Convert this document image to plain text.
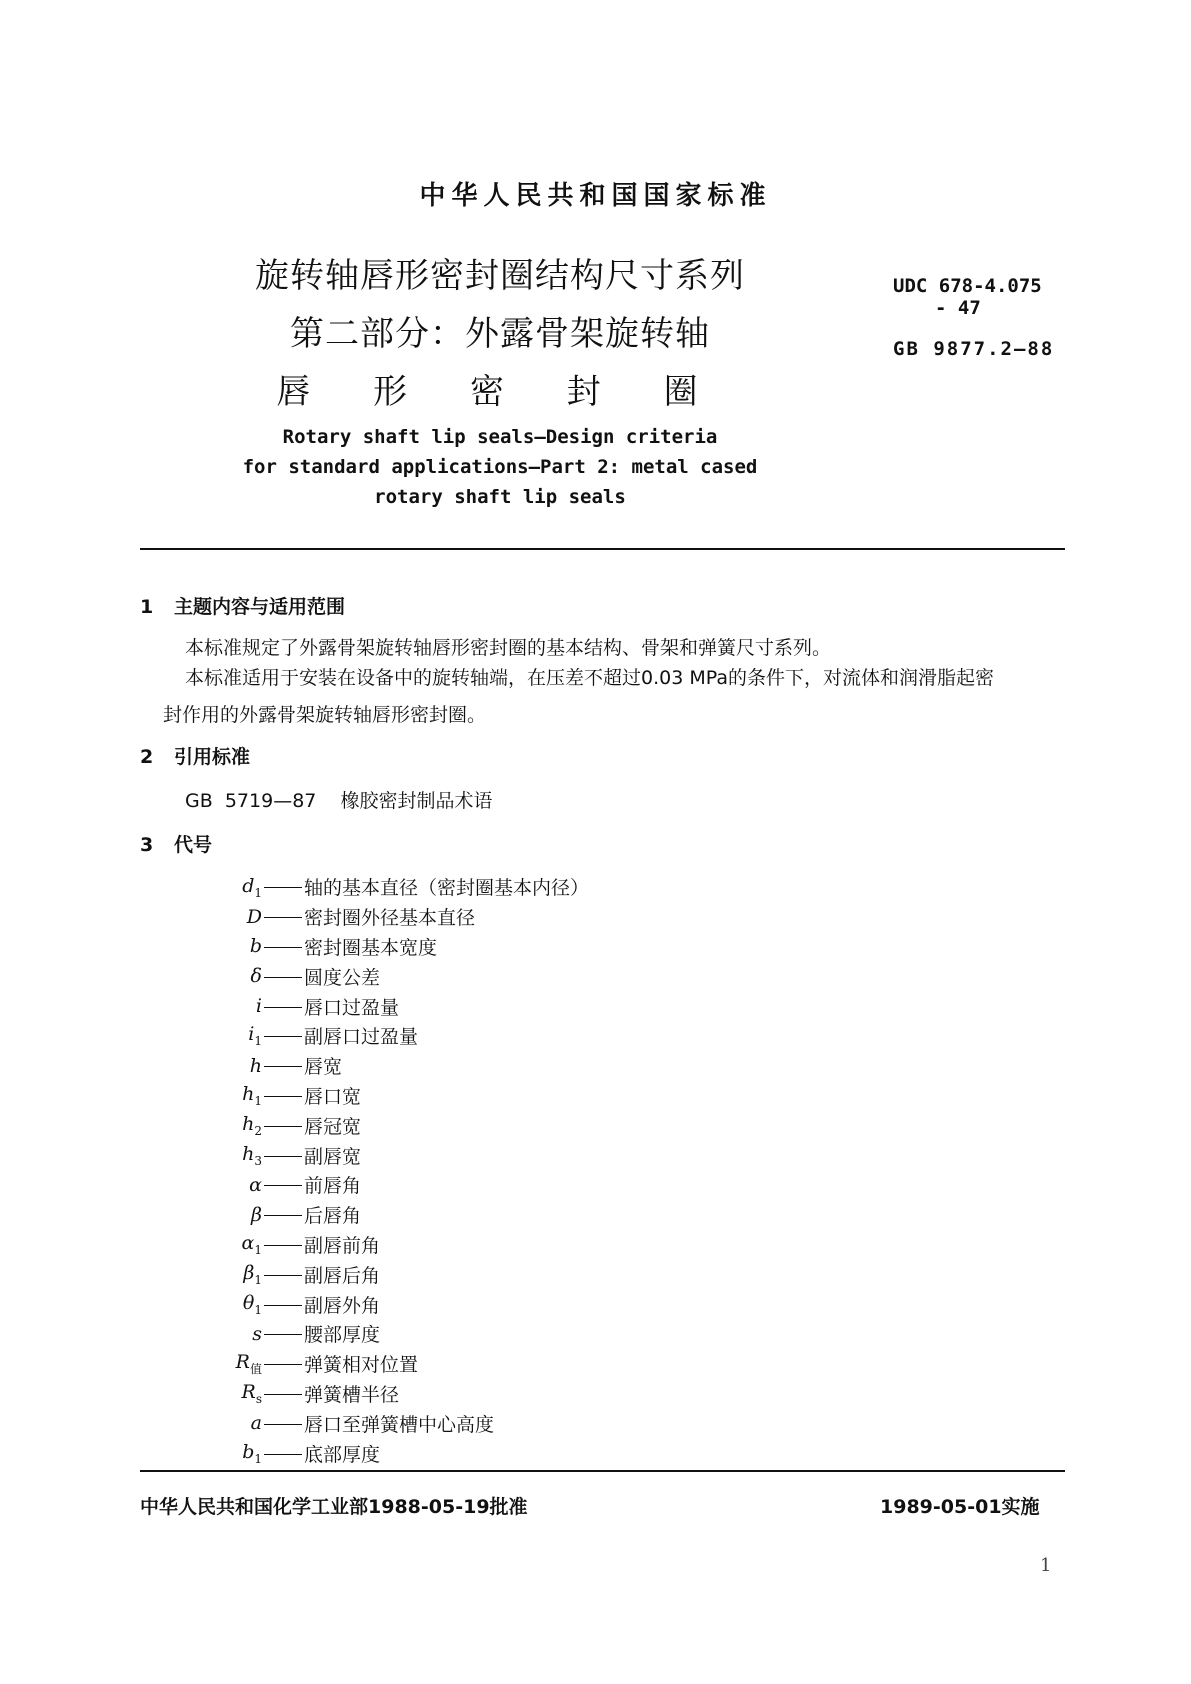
中华人民共和国国家标准
旋转轴唇形密封圈结构尺寸系列
第二部分：外露骨架旋转轴
唇 形 密 封 圈
UDC 678-4.075
- 47
GB 9877.2—88
Rotary shaft lip seals—Design criteria
for standard applications—Part 2: metal cased
rotary shaft lip seals
1 主题内容与适用范围
本标准规定了外露骨架旋转轴唇形密封圈的基本结构、骨架和弹簧尺寸系列。
本标准适用于安装在设备中的旋转轴端，在压差不超过0.03 MPa的条件下，对流体和润滑脂起密
封作用的外露骨架旋转轴唇形密封圈。
2 引用标准
GB  5719—87    橡胶密封制品术语
3 代号
$d_1$ 轴的基本直径（密封圈基本内径）
D 密封圈外径基本直径
b 密封圈基本宽度
δ 圆度公差
i 唇口过盈量
$i_1$ 副唇口过盈量
h 唇宽
$h_1$ 唇口宽
$h_2$ 唇冠宽
$h_3$ 副唇宽
α 前唇角
β 后唇角
$\alpha_1$ 副唇前角
$\beta_1$ 副唇后角
$\theta_1$ 副唇外角
s 腰部厚度
$R_值$ 弹簧相对位置
$R_s$ 弹簧槽半径
a 唇口至弹簧槽中心高度
$b_1$ 底部厚度
中华人民共和国化学工业部1988-05-19批准	1989-05-01实施
1
